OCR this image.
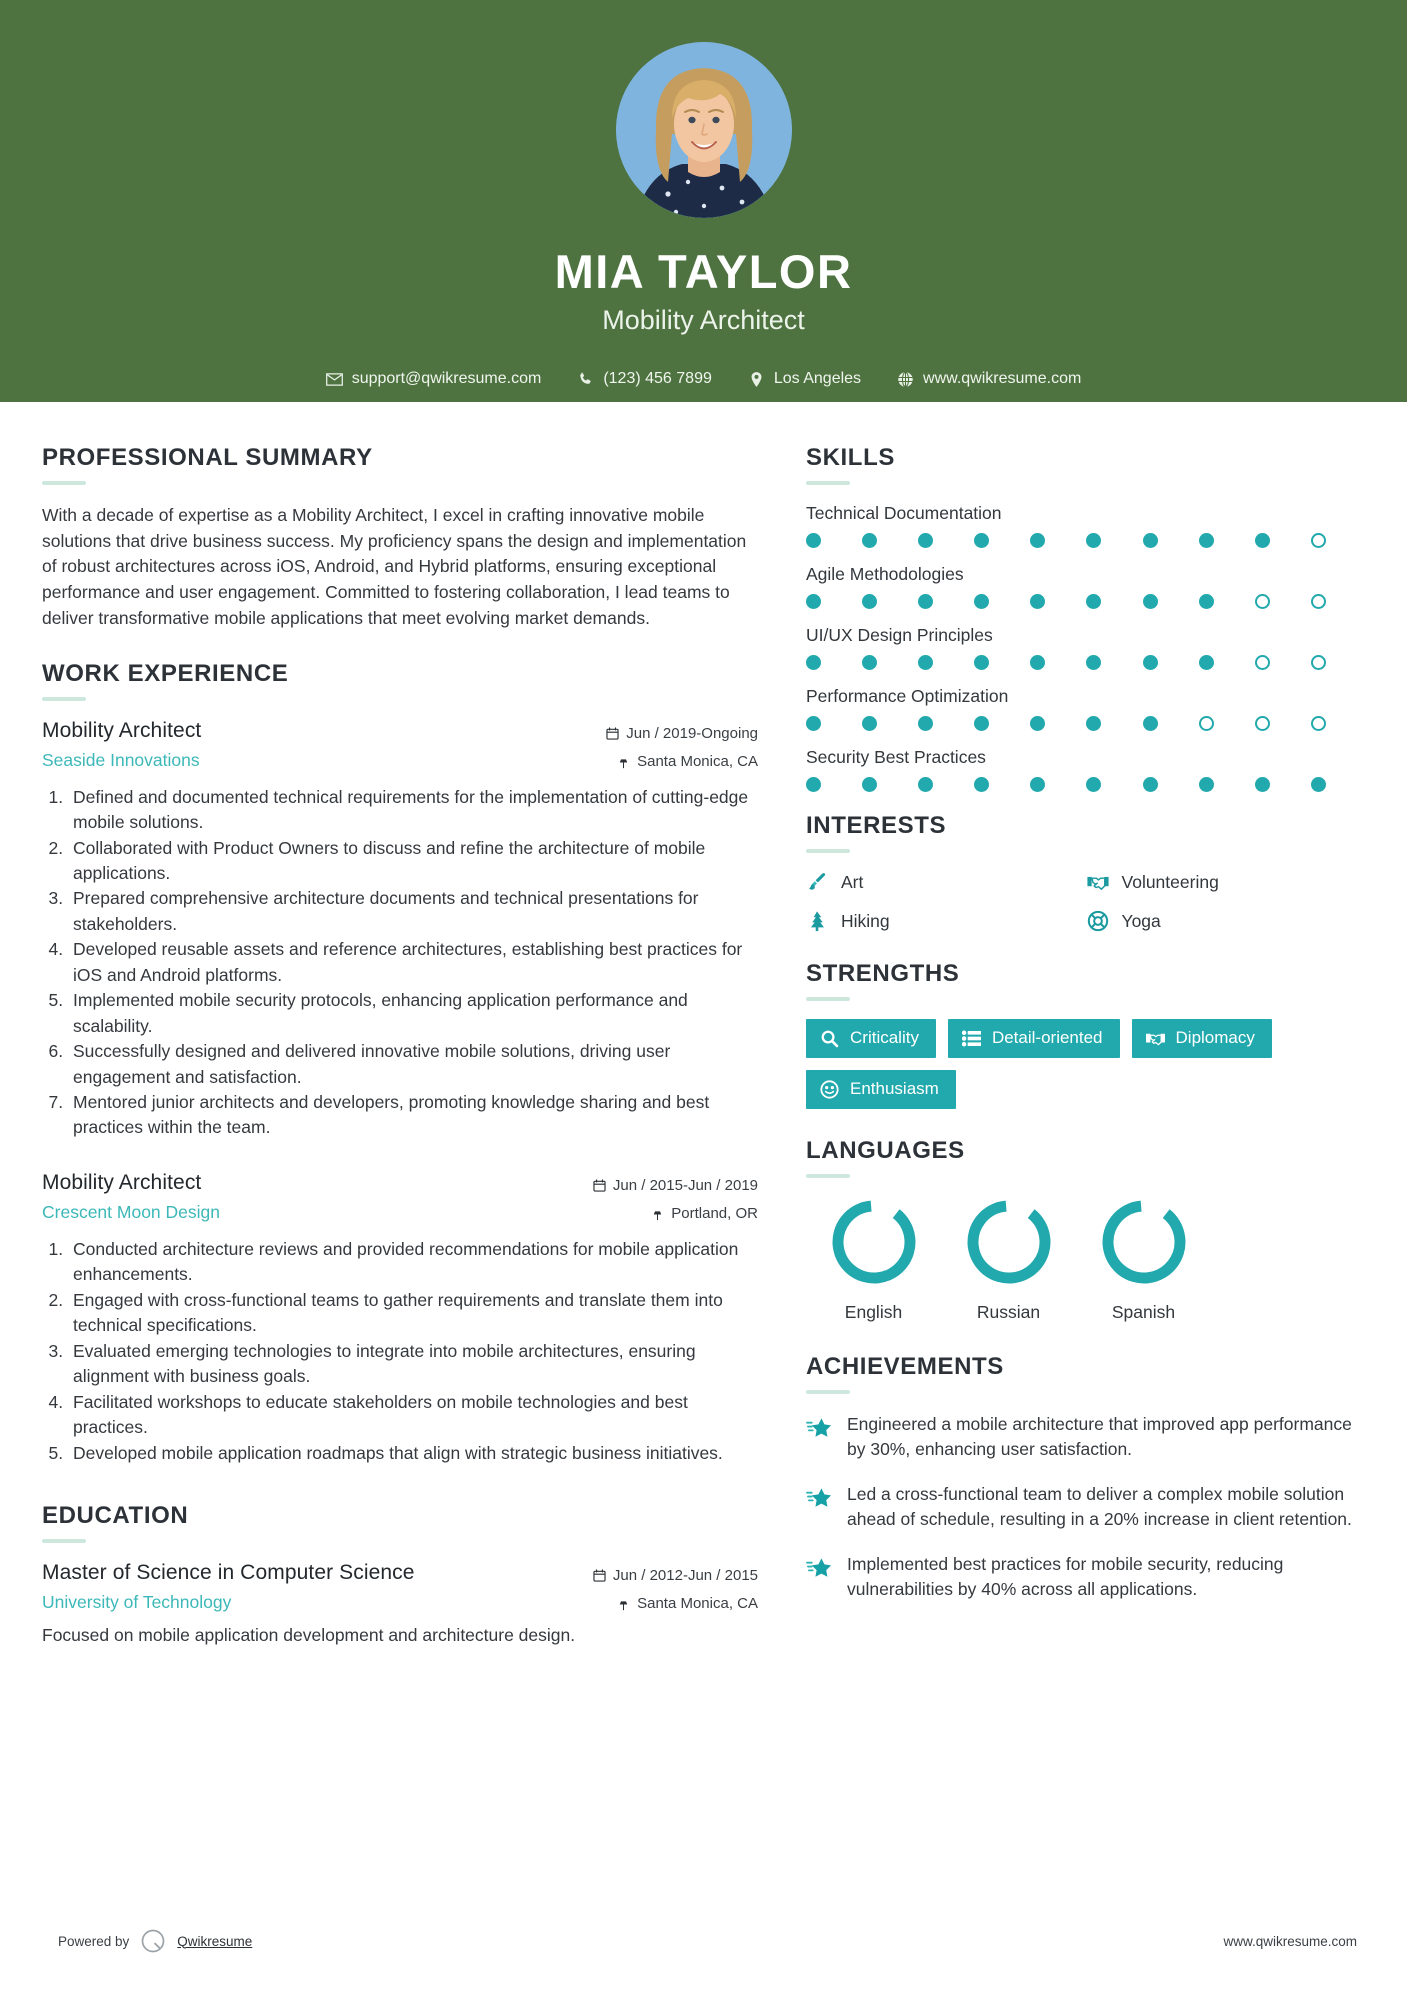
MIA TAYLOR
Mobility Architect
support@qwikresume.com	(123) 456 7899	Los Angeles	www.qwikresume.com
PROFESSIONAL SUMMARY
With a decade of expertise as a Mobility Architect, I excel in crafting innovative mobile solutions that drive business success. My proficiency spans the design and implementation of robust architectures across iOS, Android, and Hybrid platforms, ensuring exceptional performance and user engagement. Committed to fostering collaboration, I lead teams to deliver transformative mobile applications that meet evolving market demands.
WORK EXPERIENCE
Mobility Architect
Seaside Innovations
Jun / 2019-Ongoing
Santa Monica, CA
1. Defined and documented technical requirements for the implementation of cutting-edge mobile solutions.
2. Collaborated with Product Owners to discuss and refine the architecture of mobile applications.
3. Prepared comprehensive architecture documents and technical presentations for stakeholders.
4. Developed reusable assets and reference architectures, establishing best practices for iOS and Android platforms.
5. Implemented mobile security protocols, enhancing application performance and scalability.
6. Successfully designed and delivered innovative mobile solutions, driving user engagement and satisfaction.
7. Mentored junior architects and developers, promoting knowledge sharing and best practices within the team.
Mobility Architect
Crescent Moon Design
Jun / 2015-Jun / 2019
Portland, OR
1. Conducted architecture reviews and provided recommendations for mobile application enhancements.
2. Engaged with cross-functional teams to gather requirements and translate them into technical specifications.
3. Evaluated emerging technologies to integrate into mobile architectures, ensuring alignment with business goals.
4. Facilitated workshops to educate stakeholders on mobile technologies and best practices.
5. Developed mobile application roadmaps that align with strategic business initiatives.
EDUCATION
Master of Science in Computer Science
University of Technology
Jun / 2012-Jun / 2015
Santa Monica, CA
Focused on mobile application development and architecture design.
SKILLS
Technical Documentation
Agile Methodologies
UI/UX Design Principles
Performance Optimization
Security Best Practices
INTERESTS
Art	Volunteering
Hiking	Yoga
STRENGTHS
Criticality	Detail-oriented	Diplomacy
Enthusiasm
LANGUAGES
English	Russian	Spanish
ACHIEVEMENTS
Engineered a mobile architecture that improved app performance by 30%, enhancing user satisfaction.
Led a cross-functional team to deliver a complex mobile solution ahead of schedule, resulting in a 20% increase in client retention.
Implemented best practices for mobile security, reducing vulnerabilities by 40% across all applications.
Powered by	Qwikresume	www.qwikresume.com
